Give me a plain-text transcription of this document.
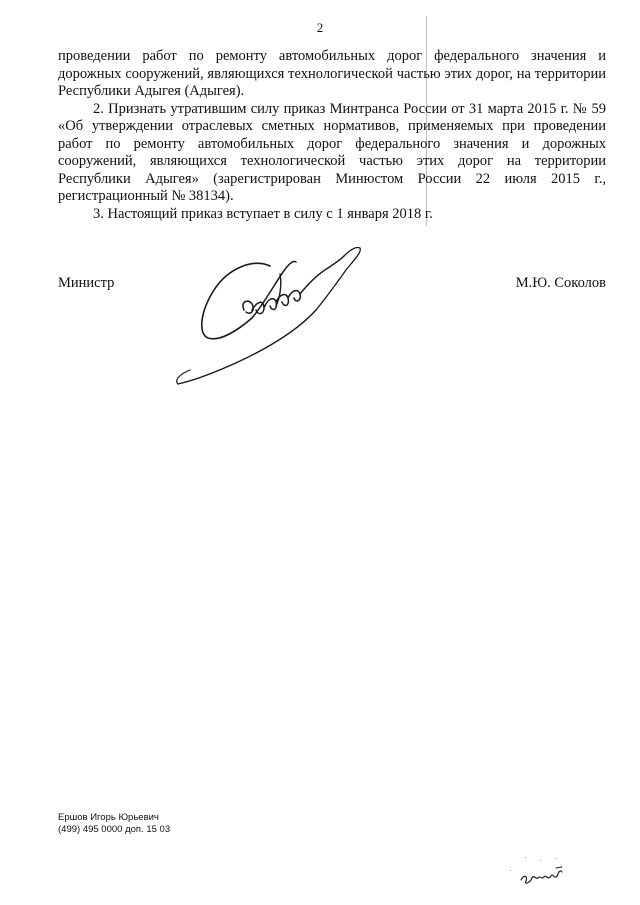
2

проведении работ по ремонту автомобильных дорог федерального значения и дорожных сооружений, являющихся технологической частью этих дорог, на территории Республики Адыгея (Адыгея).

2. Признать утратившим силу приказ Минтранса России от 31 марта 2015 г. № 59 «Об утверждении отраслевых сметных нормативов, применяемых при проведении работ по ремонту автомобильных дорог федерального значения и дорожных сооружений, являющихся технологической частью этих дорог на территории Республики Адыгея» (зарегистрирован Минюстом России 22 июля 2015 г., регистрационный № 38134).

3. Настоящий приказ вступает в силу с 1 января 2018 г.

Министр	М.Ю. Соколов
Ершов Игорь Юрьевич
(499) 495 0000 доп. 15 03
